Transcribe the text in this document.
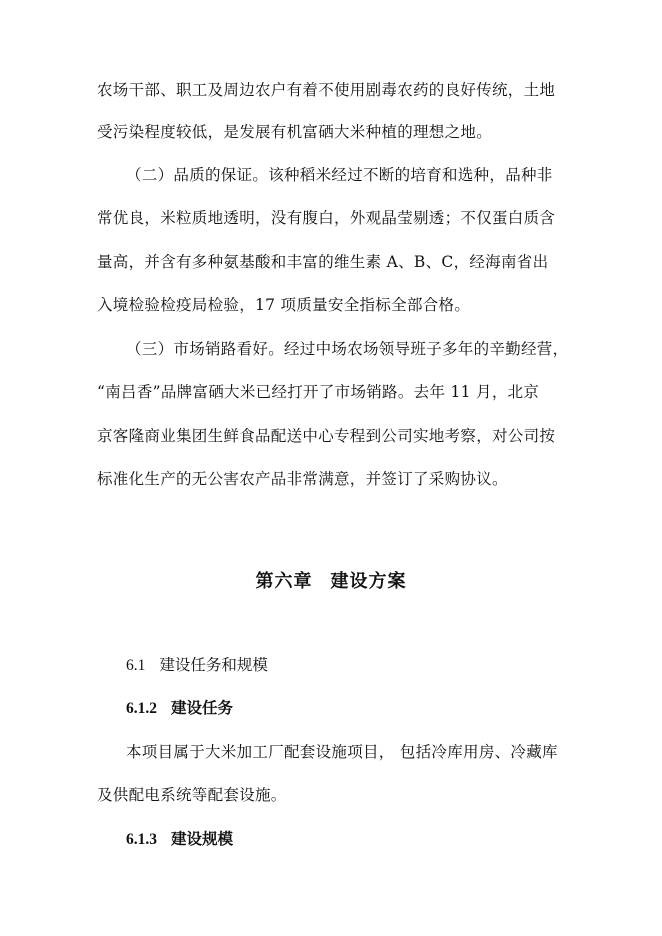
农场干部、职工及周边农户有着不使用剧毒农药的良好传统，土地
受污染程度较低，是发展有机富硒大米种植的理想之地。
（二）品质的保证。该种稻米经过不断的培育和选种，品种非
常优良，米粒质地透明，没有腹白，外观晶莹剔透；不仅蛋白质含
量高，并含有多种氨基酸和丰富的维生素 A、B、C，经海南省出
入境检验检疫局检验，17 项质量安全指标全部合格。
（三）市场销路看好。经过中场农场领导班子多年的辛勤经营，
“南吕香”品牌富硒大米已经打开了市场销路。去年 11 月，北京
京客隆商业集团生鲜食品配送中心专程到公司实地考察，对公司按
标准化生产的无公害农产品非常满意，并签订了采购协议。
第六章 建设方案
6.1 建设任务和规模
6.1.2 建设任务
本项目属于大米加工厂配套设施项目， 包括冷库用房、冷藏库
及供配电系统等配套设施。
6.1.3 建设规模
